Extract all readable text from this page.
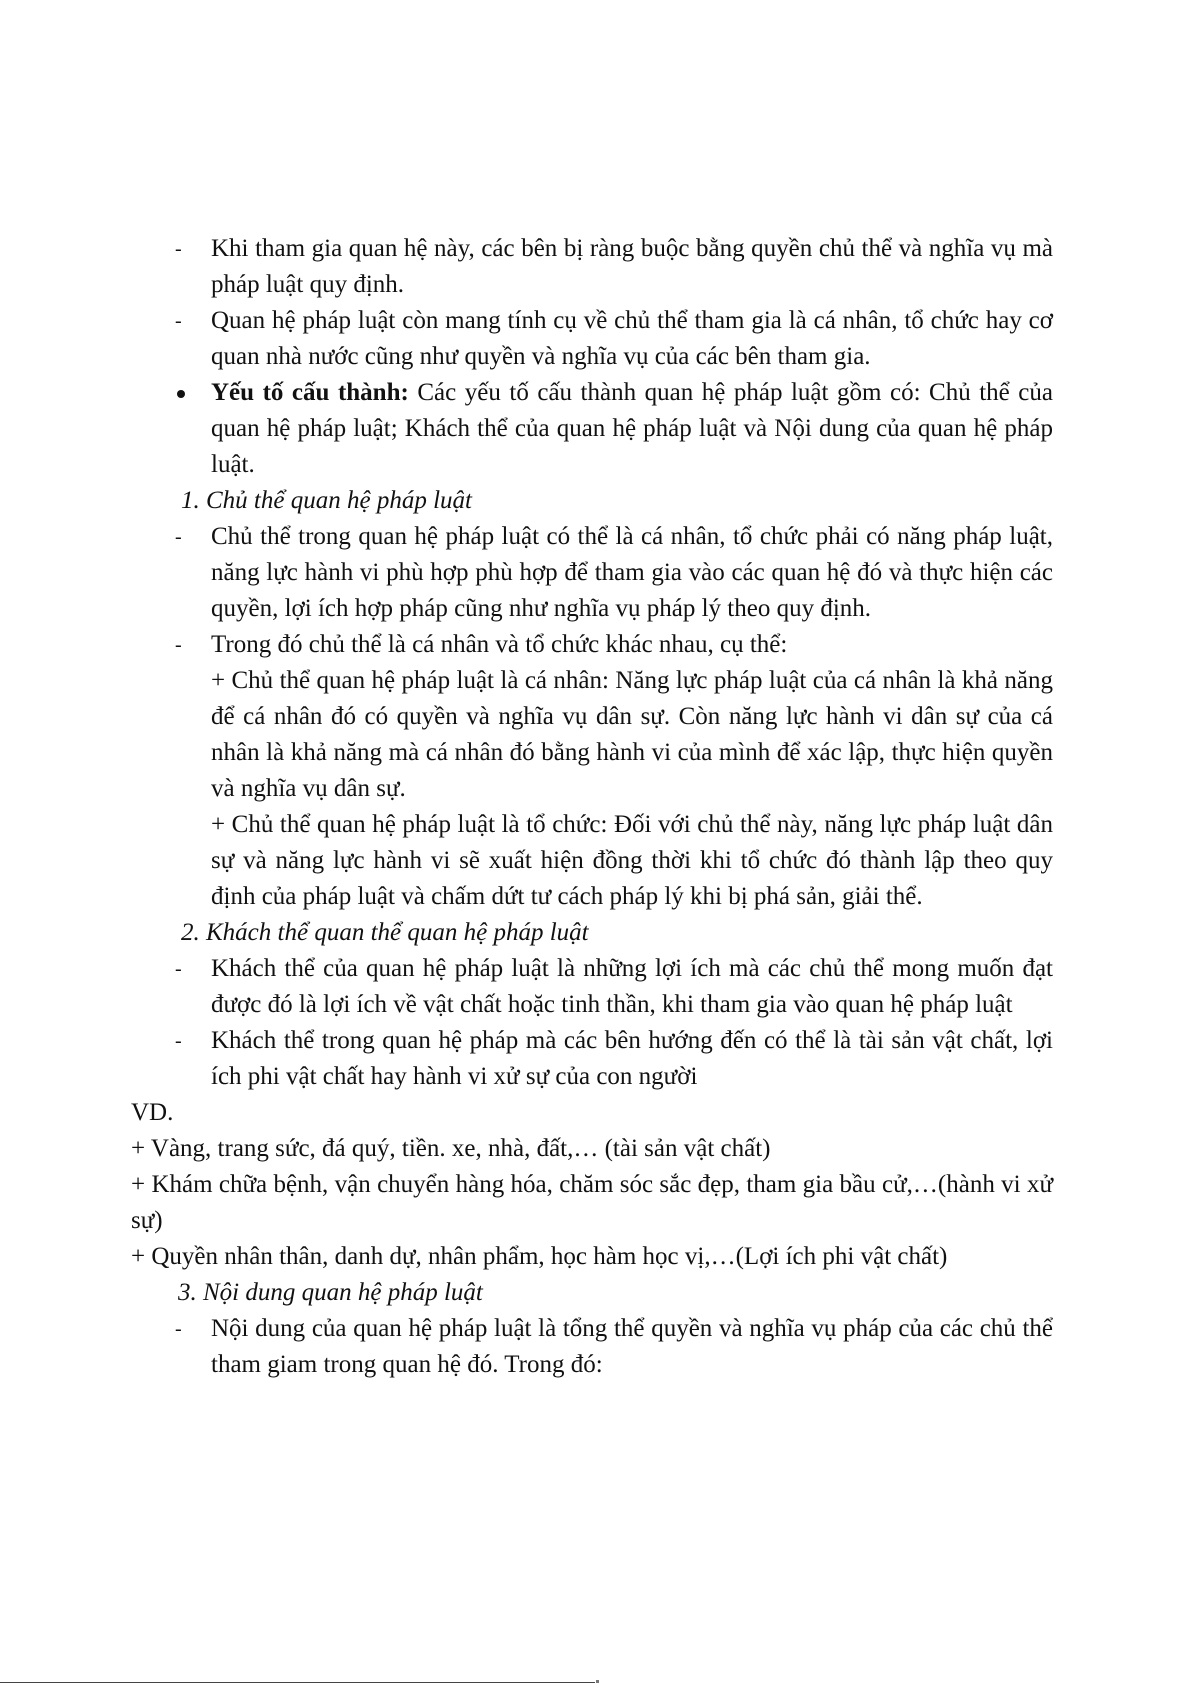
-	Khi tham gia quan hệ này, các bên bị ràng buộc bằng quyền chủ thể và nghĩa vụ mà pháp luật quy định.

-	Quan hệ pháp luật còn mang tính cụ về chủ thể tham gia là cá nhân, tổ chức hay cơ quan nhà nước cũng như quyền và nghĩa vụ của các bên tham gia.

Yếu tố cấu thành: Các yếu tố cấu thành quan hệ pháp luật gồm có: Chủ thể của quan hệ pháp luật; Khách thể của quan hệ pháp luật và Nội dung của quan hệ pháp luật.

1. Chủ thể quan hệ pháp luật

-	Chủ thể trong quan hệ pháp luật có thể là cá nhân, tổ chức phải có năng pháp luật, năng lực hành vi phù hợp phù hợp để tham gia vào các quan hệ đó và thực hiện các quyền, lợi ích hợp pháp cũng như nghĩa vụ pháp lý theo quy định.

-	Trong đó chủ thể là cá nhân và tổ chức khác nhau, cụ thể:

+ Chủ thể quan hệ pháp luật là cá nhân: Năng lực pháp luật của cá nhân là khả năng để cá nhân đó có quyền và nghĩa vụ dân sự. Còn năng lực hành vi dân sự của cá nhân là khả năng mà cá nhân đó bằng hành vi của mình để xác lập, thực hiện quyền và nghĩa vụ dân sự.

+ Chủ thể quan hệ pháp luật là tổ chức: Đối với chủ thể này, năng lực pháp luật dân sự và năng lực hành vi sẽ xuất hiện đồng thời khi tổ chức đó thành lập theo quy định của pháp luật và chấm dứt tư cách pháp lý khi bị phá sản, giải thể.

2. Khách thể quan thể quan hệ pháp luật

-	Khách thể của quan hệ pháp luật là những lợi ích mà các chủ thể mong muốn đạt được đó là lợi ích về vật chất hoặc tinh thần, khi tham gia vào quan hệ pháp luật

-	Khách thể trong quan hệ pháp mà các bên hướng đến có thể là tài sản vật chất, lợi ích phi vật chất hay hành vi xử sự của con người

VD.

+ Vàng, trang sức, đá quý, tiền. xe, nhà, đất,… (tài sản vật chất)

+ Khám chữa bệnh, vận chuyển hàng hóa, chăm sóc sắc đẹp, tham gia bầu cử,…(hành vi xử sự)

+ Quyền nhân thân, danh dự, nhân phẩm, học hàm học vị,…(Lợi ích phi vật chất)

3. Nội dung quan hệ pháp luật

-	Nội dung của quan hệ pháp luật là tổng thể quyền và nghĩa vụ pháp của các chủ thể tham giam trong quan hệ đó. Trong đó:
